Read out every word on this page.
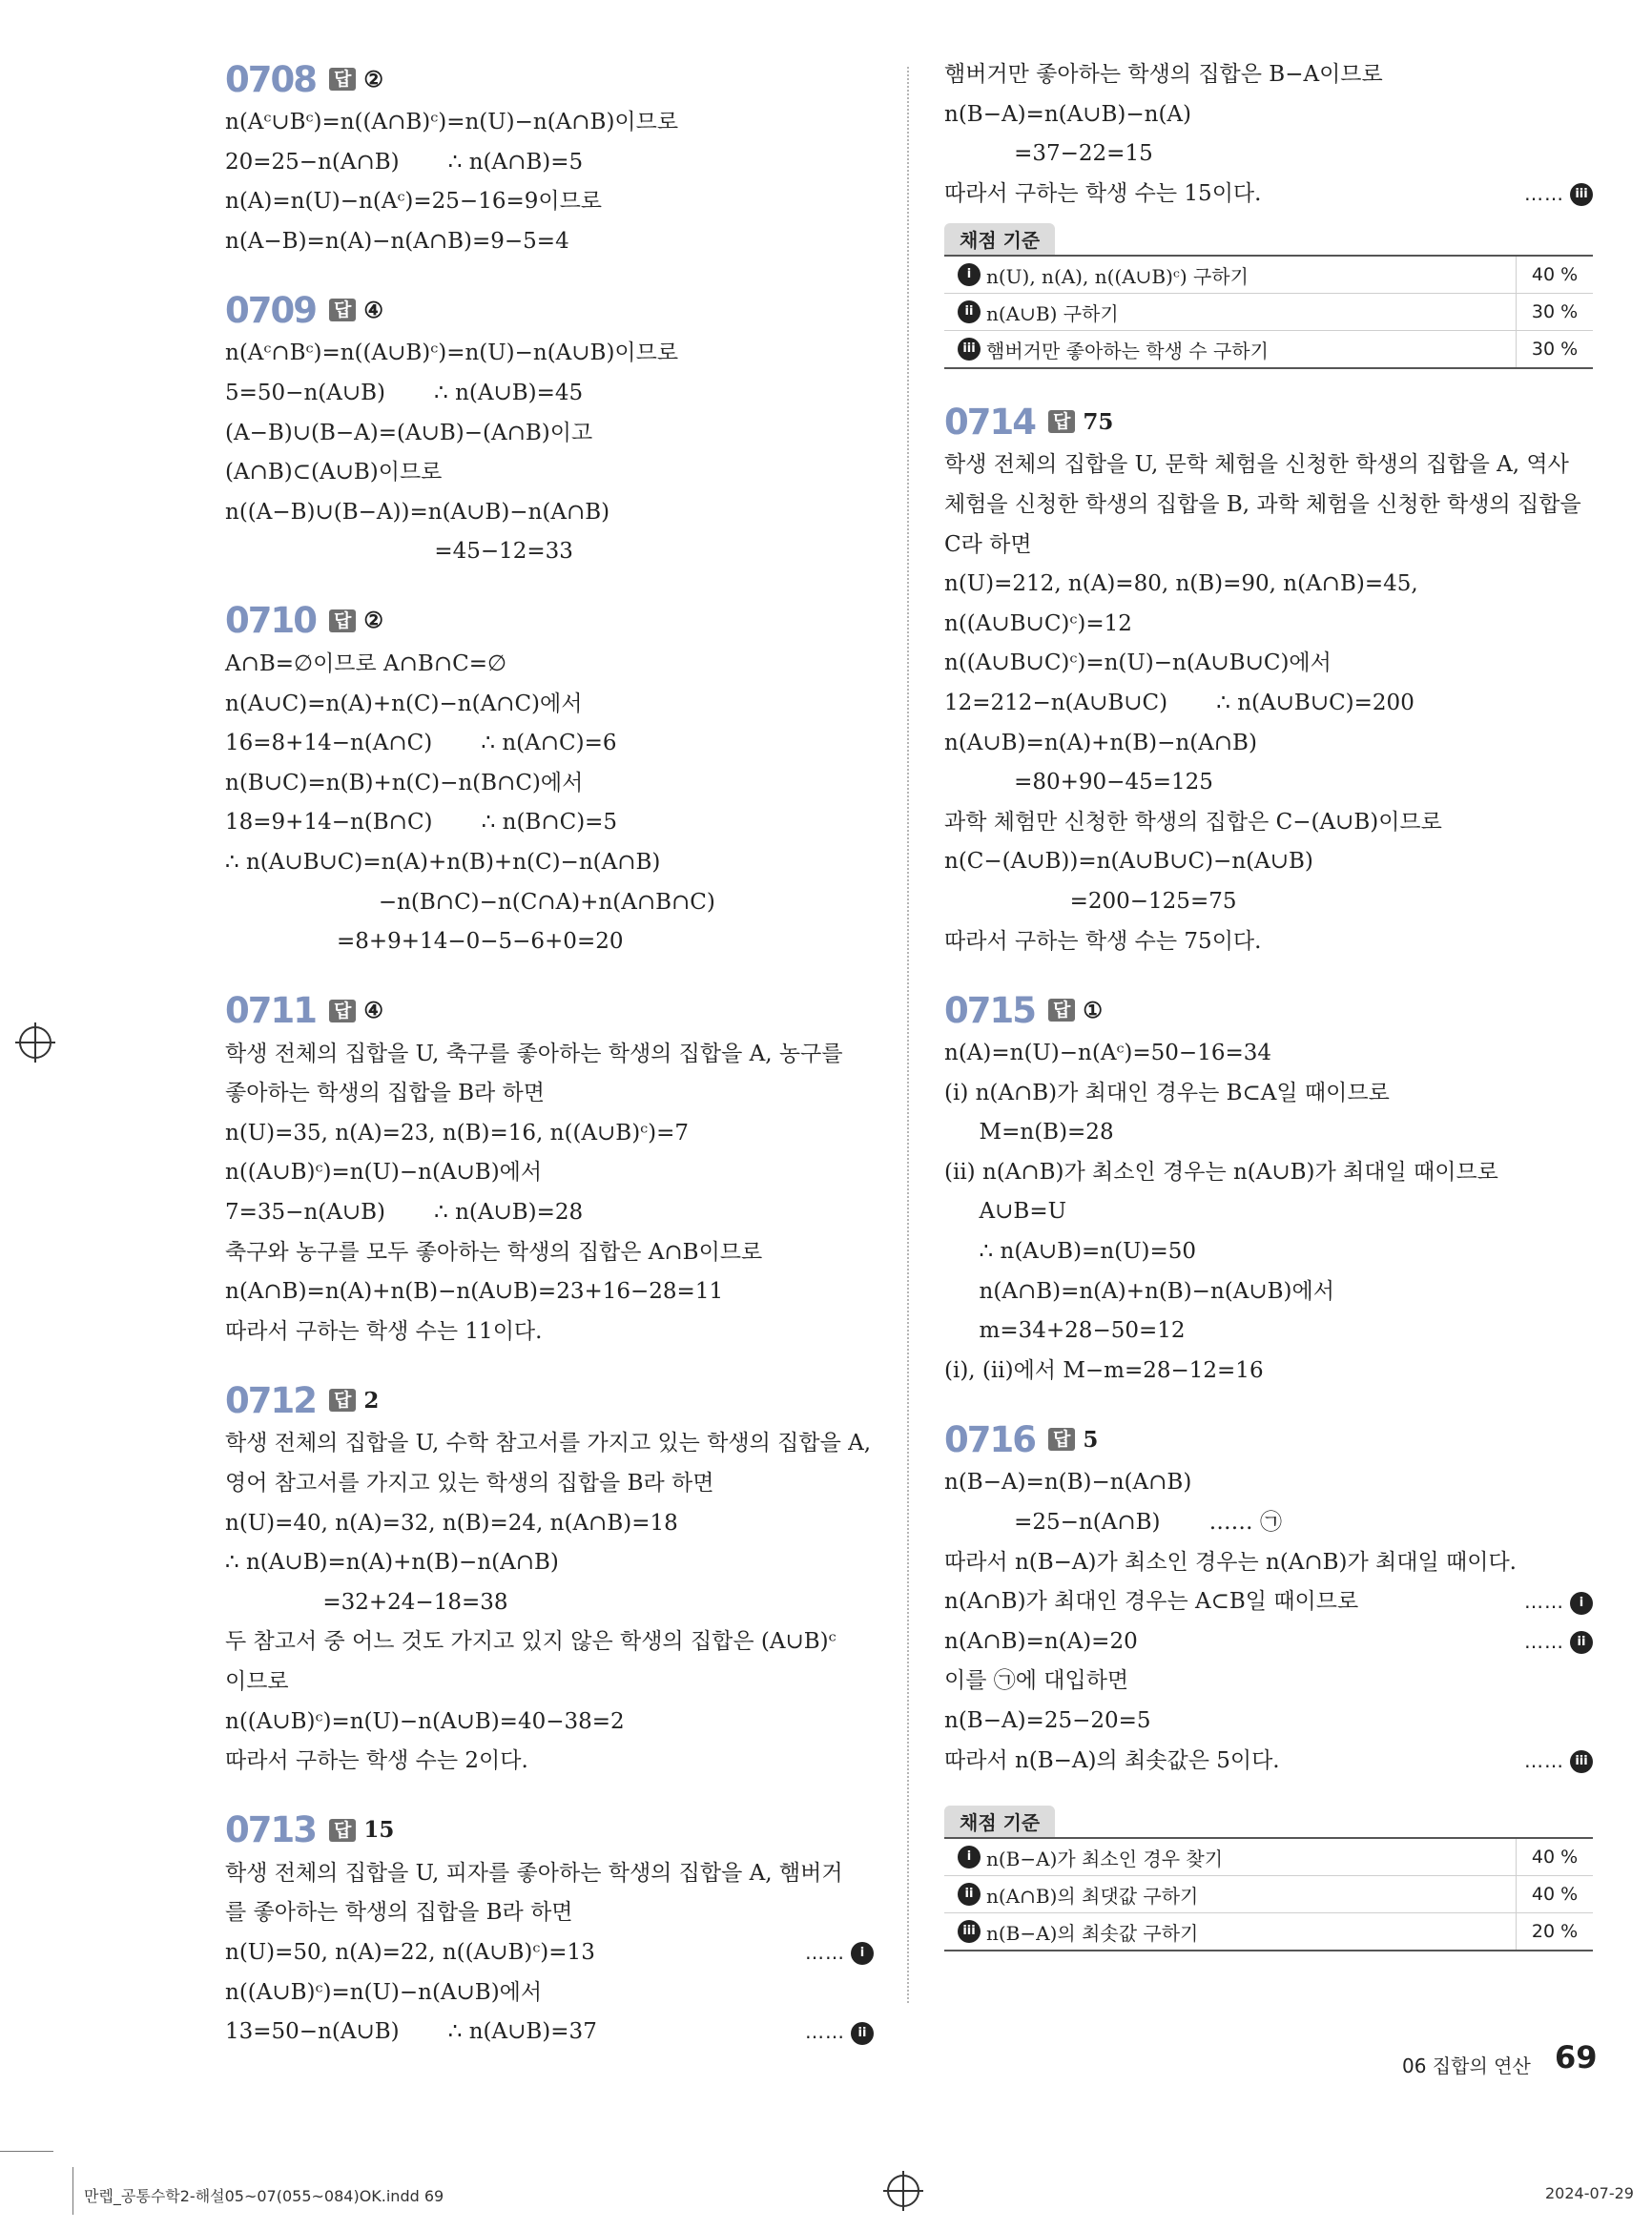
0708 답 ②
n(Aᶜ∪Bᶜ)=n((A∩B)ᶜ)=n(U)−n(A∩B)이므로
20=25−n(A∩B)       ∴ n(A∩B)=5
n(A)=n(U)−n(Aᶜ)=25−16=9이므로
n(A−B)=n(A)−n(A∩B)=9−5=4
0709 답 ④
n(Aᶜ∩Bᶜ)=n((A∪B)ᶜ)=n(U)−n(A∪B)이므로
5=50−n(A∪B)       ∴ n(A∪B)=45
(A−B)∪(B−A)=(A∪B)−(A∩B)이고
(A∩B)⊂(A∪B)이므로
n((A−B)∪(B−A))=n(A∪B)−n(A∩B)
=45−12=33
0710 답 ②
A∩B=∅이므로 A∩B∩C=∅
n(A∪C)=n(A)+n(C)−n(A∩C)에서
16=8+14−n(A∩C)       ∴ n(A∩C)=6
n(B∪C)=n(B)+n(C)−n(B∩C)에서
18=9+14−n(B∩C)       ∴ n(B∩C)=5
∴ n(A∪B∪C)=n(A)+n(B)+n(C)−n(A∩B)
−n(B∩C)−n(C∩A)+n(A∩B∩C)
=8+9+14−0−5−6+0=20
0711 답 ④
학생 전체의 집합을 U, 축구를 좋아하는 학생의 집합을 A, 농구를
좋아하는 학생의 집합을 B라 하면
n(U)=35, n(A)=23, n(B)=16, n((A∪B)ᶜ)=7
n((A∪B)ᶜ)=n(U)−n(A∪B)에서
7=35−n(A∪B)       ∴ n(A∪B)=28
축구와 농구를 모두 좋아하는 학생의 집합은 A∩B이므로
n(A∩B)=n(A)+n(B)−n(A∪B)=23+16−28=11
따라서 구하는 학생 수는 11이다.
0712 답 2
학생 전체의 집합을 U, 수학 참고서를 가지고 있는 학생의 집합을 A,
영어 참고서를 가지고 있는 학생의 집합을 B라 하면
n(U)=40, n(A)=32, n(B)=24, n(A∩B)=18
∴ n(A∪B)=n(A)+n(B)−n(A∩B)
=32+24−18=38
두 참고서 중 어느 것도 가지고 있지 않은 학생의 집합은 (A∪B)ᶜ
이므로
n((A∪B)ᶜ)=n(U)−n(A∪B)=40−38=2
따라서 구하는 학생 수는 2이다.
0713 답 15
학생 전체의 집합을 U, 피자를 좋아하는 학생의 집합을 A, 햄버거
를 좋아하는 학생의 집합을 B라 하면
n(U)=50, n(A)=22, n((A∪B)ᶜ)=13	…… i
n((A∪B)ᶜ)=n(U)−n(A∪B)에서
13=50−n(A∪B)       ∴ n(A∪B)=37	…… ii
햄버거만 좋아하는 학생의 집합은 B−A이므로
n(B−A)=n(A∪B)−n(A)
=37−22=15
따라서 구하는 학생 수는 15이다.	…… iii
채점 기준
i n(U), n(A), n((A∪B)ᶜ) 구하기	40 %
ii n(A∪B) 구하기	30 %
iii 햄버거만 좋아하는 학생 수 구하기	30 %
0714 답 75
학생 전체의 집합을 U, 문학 체험을 신청한 학생의 집합을 A, 역사
체험을 신청한 학생의 집합을 B, 과학 체험을 신청한 학생의 집합을
C라 하면
n(U)=212, n(A)=80, n(B)=90, n(A∩B)=45,
n((A∪B∪C)ᶜ)=12
n((A∪B∪C)ᶜ)=n(U)−n(A∪B∪C)에서
12=212−n(A∪B∪C)       ∴ n(A∪B∪C)=200
n(A∪B)=n(A)+n(B)−n(A∩B)
=80+90−45=125
과학 체험만 신청한 학생의 집합은 C−(A∪B)이므로
n(C−(A∪B))=n(A∪B∪C)−n(A∪B)
=200−125=75
따라서 구하는 학생 수는 75이다.
0715 답 ①
n(A)=n(U)−n(Aᶜ)=50−16=34
(ⅰ) n(A∩B)가 최대인 경우는 B⊂A일 때이므로
M=n(B)=28
(ⅱ) n(A∩B)가 최소인 경우는 n(A∪B)가 최대일 때이므로
A∪B=U
∴ n(A∪B)=n(U)=50
n(A∩B)=n(A)+n(B)−n(A∪B)에서
m=34+28−50=12
(ⅰ), (ⅱ)에서 M−m=28−12=16
0716 답 5
n(B−A)=n(B)−n(A∩B)
=25−n(A∩B)       …… ㉠
따라서 n(B−A)가 최소인 경우는 n(A∩B)가 최대일 때이다.
…… i
n(A∩B)가 최대인 경우는 A⊂B일 때이므로
n(A∩B)=n(A)=20	…… ii
이를 ㉠에 대입하면
n(B−A)=25−20=5
따라서 n(B−A)의 최솟값은 5이다.	…… iii
채점 기준
i n(B−A)가 최소인 경우 찾기	40 %
ii n(A∩B)의 최댓값 구하기	40 %
iii n(B−A)의 최솟값 구하기	20 %
06 집합의 연산 69
만렙_공통수학2-해설05~07(055~084)OK.indd 69	2024-07-29
